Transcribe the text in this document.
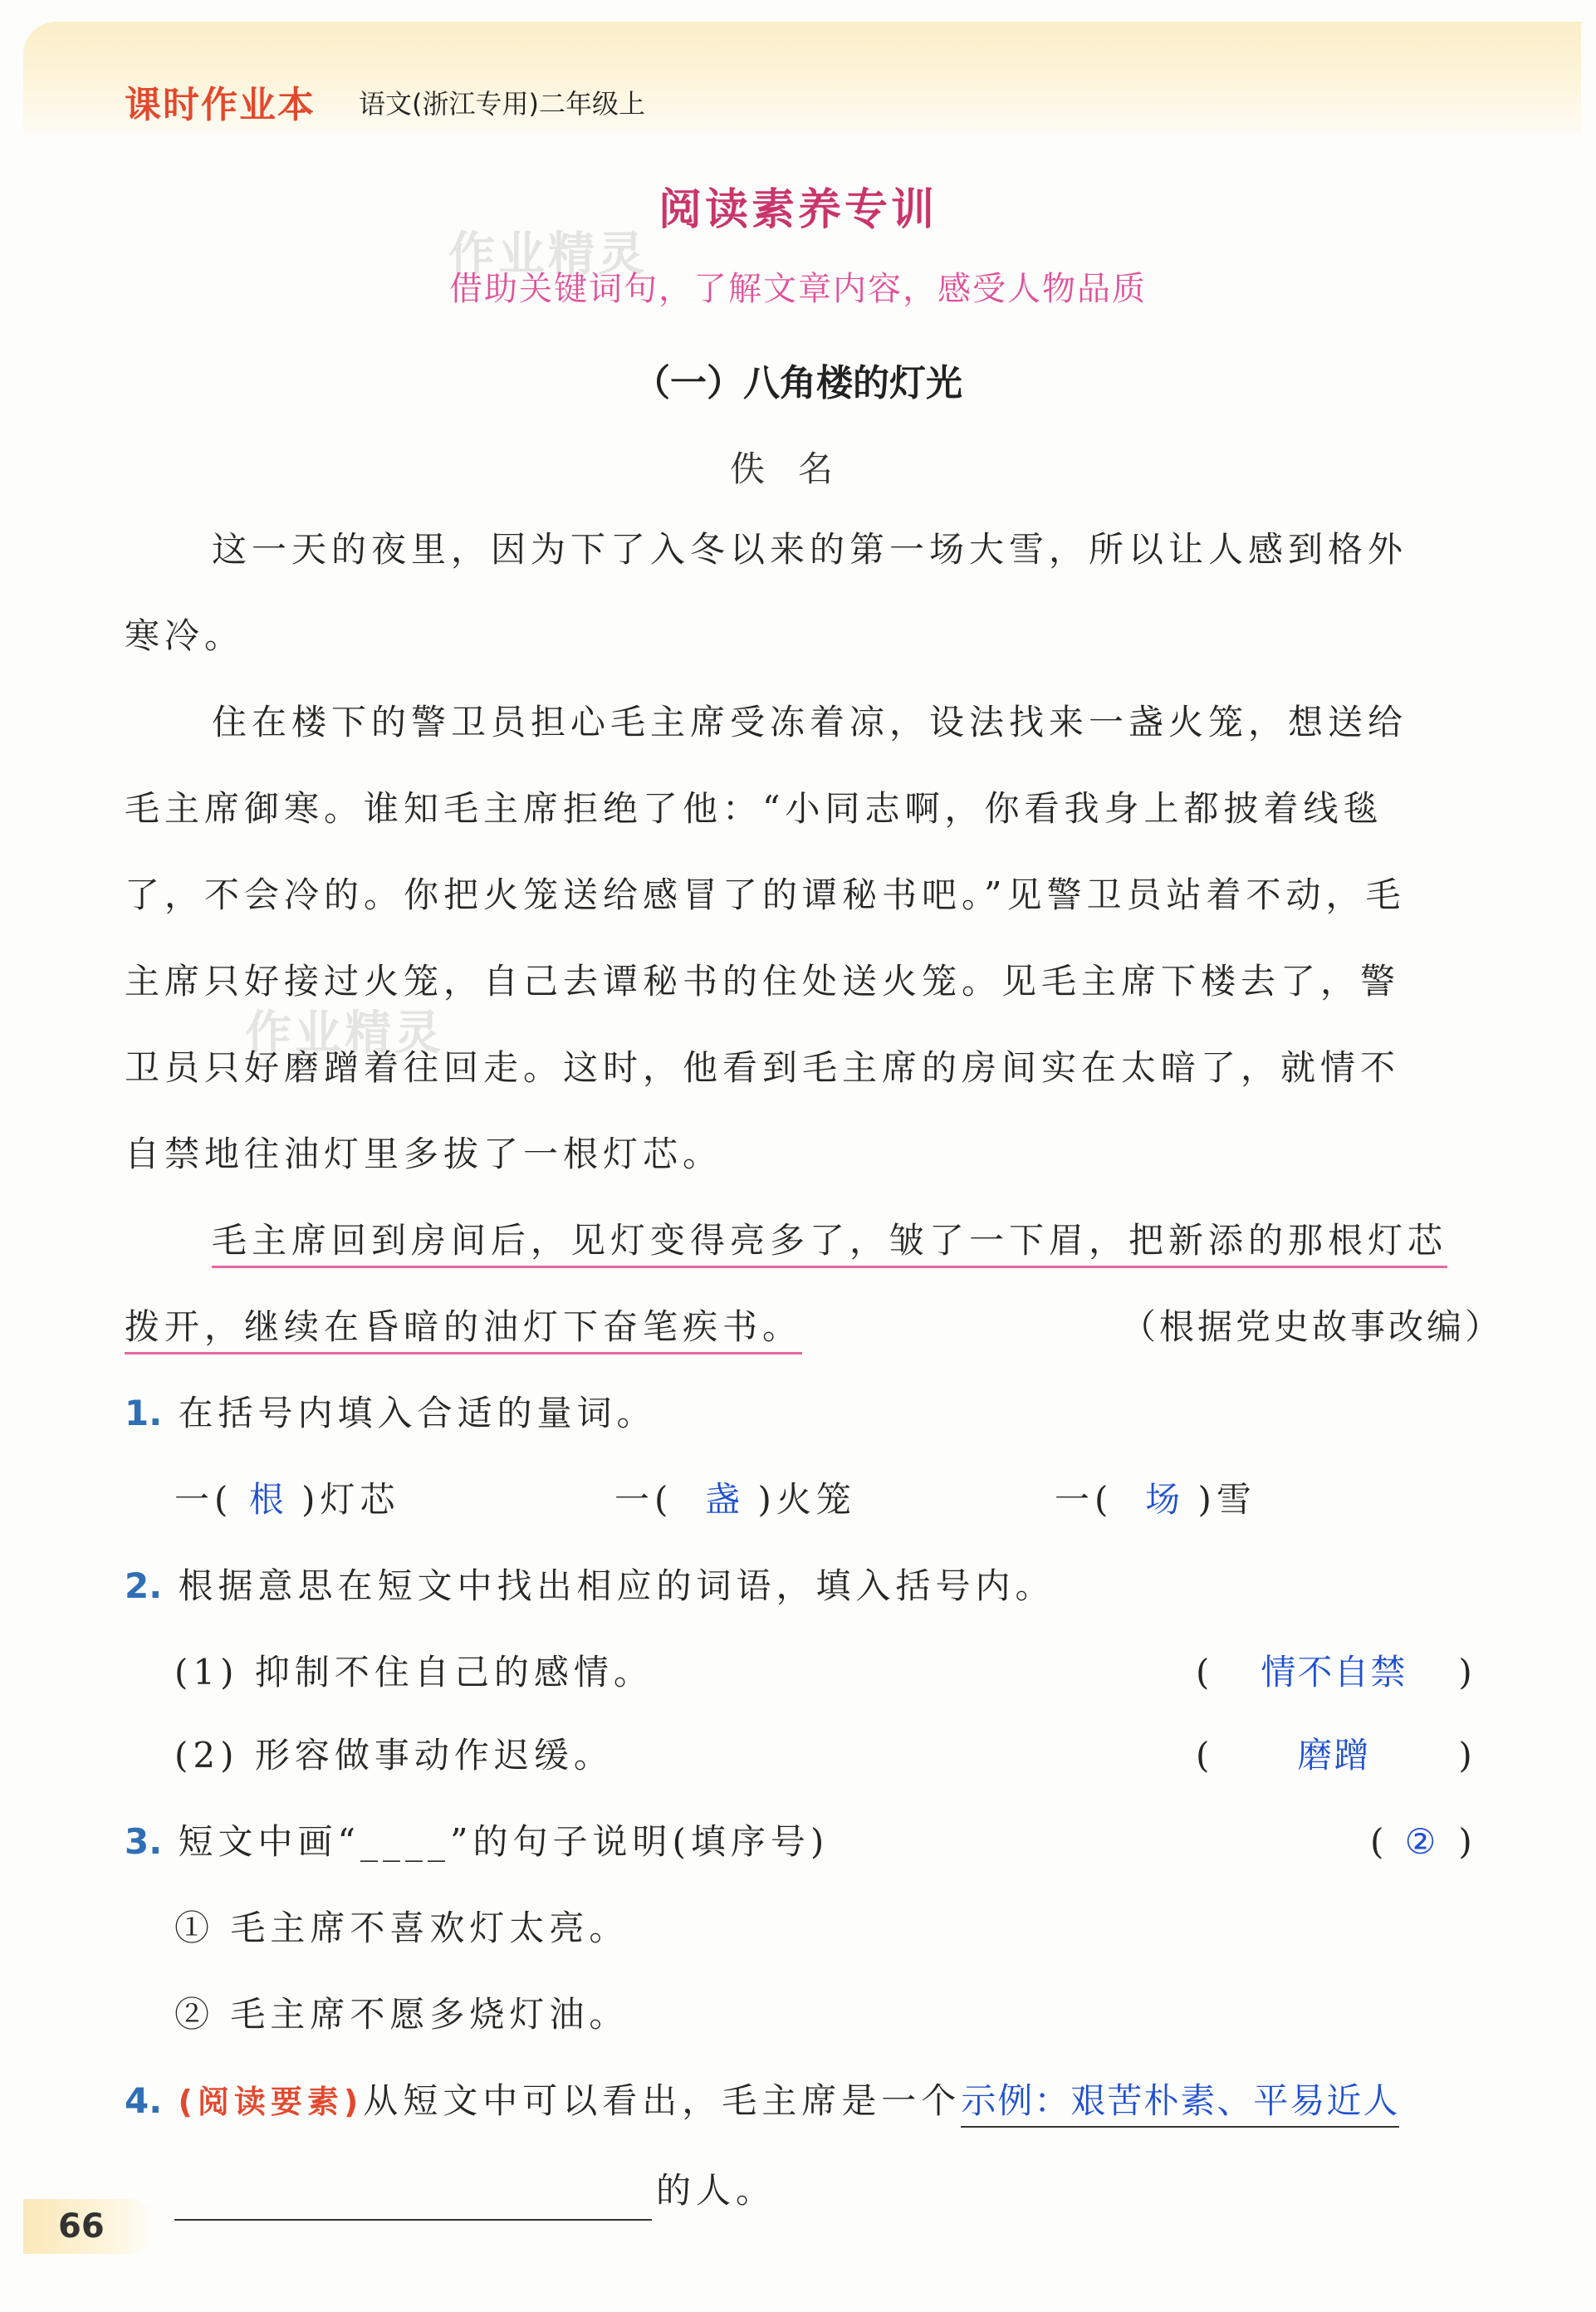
课时作业本 语文(浙江专用)二年级上
阅读素养专训
作业精灵
借助关键词句，了解文章内容，感受人物品质
（一）八角楼的灯光
佚名
这一天的夜里，因为下了入冬以来的第一场大雪，所以让人感到格外
寒冷。
住在楼下的警卫员担心毛主席受冻着凉，设法找来一盏火笼，想送给
毛主席御寒。谁知毛主席拒绝了他：“小同志啊，你看我身上都披着线毯
了，不会冷的。你把火笼送给感冒了的谭秘书吧。”见警卫员站着不动，毛
主席只好接过火笼，自己去谭秘书的住处送火笼。见毛主席下楼去了，警
作业精灵
卫员只好磨蹭着往回走。这时，他看到毛主席的房间实在太暗了，就情不
自禁地往油灯里多拔了一根灯芯。
毛主席回到房间后，见灯变得亮多了，皱了一下眉，把新添的那根灯芯
拨开，继续在昏暗的油灯下奋笔疾书。	（根据党史故事改编）
1. 在括号内填入合适的量词。
一( 根 )灯芯	一( 盏 )火笼	一( 场 )雪
2. 根据意思在短文中找出相应的词语，填入括号内。
(1) 抑制不住自己的感情。	( 情不自禁 )
(2) 形容做事动作迟缓。	(	磨蹭	)
3. 短文中画“____”的句子说明(填序号)	( ② )
① 毛主席不喜欢灯太亮。
② 毛主席不愿多烧灯油。
4. (阅读要素)从短文中可以看出，毛主席是一个示例：艰苦朴素、平易近人
的人。
66
